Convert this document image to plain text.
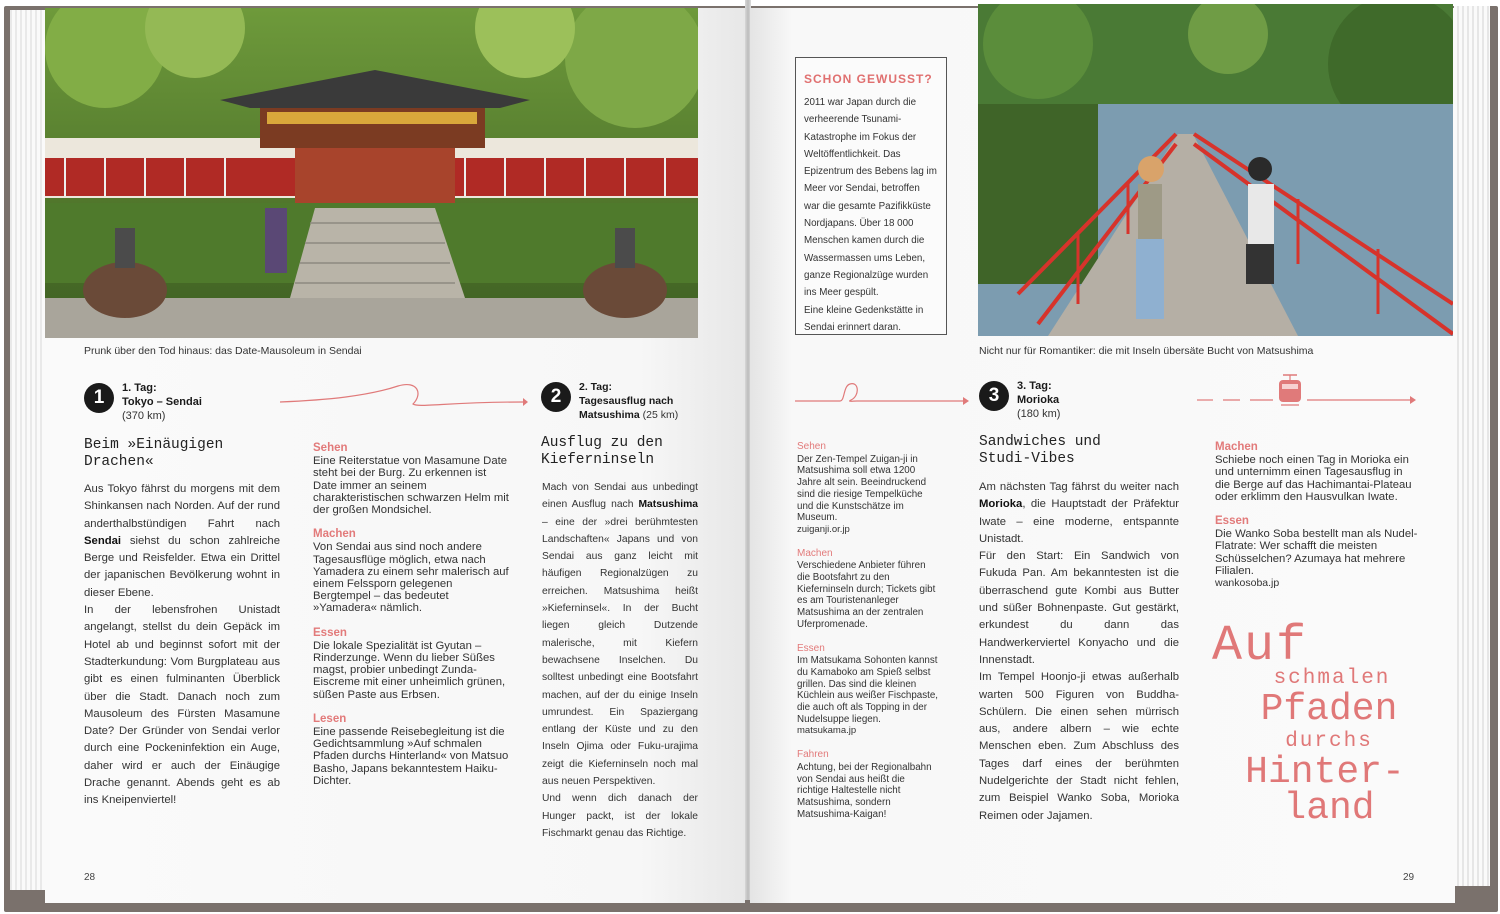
Prunk über den Tod hinaus: das Date-Mausoleum in Sendai
1	1. Tag:
Tokyo – Sendai
(370 km)
Beim »Einäugigen
Drachen«

Aus Tokyo fährst du morgens mit dem Shinkansen nach Norden. Auf der rund anderthalbstündigen Fahrt nach Sendai siehst du schon zahlreiche Berge und Reisfelder. Etwa ein Drittel der japanischen Bevölkerung wohnt in dieser Ebene.

In der lebensfrohen Unistadt angelangt, stellst du dein Gepäck im Hotel ab und beginnst sofort mit der Stadterkundung: Vom Burgplateau aus gibt es einen fulminanten Überblick über die Stadt. Danach noch zum Mausoleum des Fürsten Masamune Date? Der Gründer von Sendai verlor durch eine Pockeninfektion ein Auge, daher wird er auch der Einäugige Drache genannt. Abends geht es ab ins Kneipenviertel!

Sehen
Eine Reiterstatue von Masamune Date steht bei der Burg. Zu erkennen ist Date immer an seinem charakteristischen schwarzen Helm mit der großen Mondsichel.
Machen
Von Sendai aus sind noch andere Tagesausflüge möglich, etwa nach Yamadera zu einem sehr malerisch auf einem Felssporn gelegenen Bergtempel – das bedeutet »Yamadera« nämlich.
Essen
Die lokale Spezialität ist Gyutan – Rinderzunge. Wenn du lieber Süßes magst, probier unbedingt Zunda-Eiscreme mit einer unheimlich grünen, süßen Paste aus Erbsen.
Lesen
Eine passende Reisebegleitung ist die Gedichtsammlung »Auf schmalen Pfaden durchs Hinterland« von Matsuo Basho, Japans bekanntestem Haiku-Dichter.
2	2. Tag:
Tagesausflug nach Matsushima (25 km)
Ausflug zu den
Kieferninseln

Mach von Sendai aus unbedingt einen Ausflug nach Matsushima – eine der »drei berühmtesten Landschaften« Japans und von Sendai aus ganz leicht mit häufigen Regionalzügen zu erreichen. Matsushima heißt »Kieferninsel«. In der Bucht liegen gleich Dutzende malerische, mit Kiefern bewachsene Inselchen. Du solltest unbedingt eine Bootsfahrt machen, auf der du einige Inseln umrundest. Ein Spaziergang entlang der Küste und zu den Inseln Ojima oder Fuku-urajima zeigt die Kieferninseln noch mal aus neuen Perspektiven.

Und wenn dich danach der Hunger packt, ist der lokale Fischmarkt genau das Richtige.

28
SCHON GEWUSST?

2011 war Japan durch die verheerende Tsunami-Katastrophe im Fokus der Weltöffentlichkeit. Das Epizentrum des Bebens lag im Meer vor Sendai, betroffen war die gesamte Pazifikküste Nordjapans. Über 18 000 Menschen kamen durch die Wassermassen ums Leben, ganze Regionalzüge wurden ins Meer gespült.

Eine kleine Gedenkstätte in Sendai erinnert daran.

Nicht nur für Romantiker: die mit Inseln übersäte Bucht von Matsushima
Sehen
Der Zen-Tempel Zuigan-ji in Matsushima soll etwa 1200 Jahre alt sein. Beeindruckend sind die riesige Tempelküche und die Kunstschätze im Museum.
zuiganji.or.jp
Machen
Verschiedene Anbieter führen die Bootsfahrt zu den Kieferninseln durch; Tickets gibt es am Touristenanleger Matsushima an der zentralen Uferpromenade.
Essen
Im Matsukama Sohonten kannst du Kamaboko am Spieß selbst grillen. Das sind die kleinen Küchlein aus weißer Fischpaste, die auch oft als Topping in der Nudelsuppe liegen.
matsukama.jp
Fahren
Achtung, bei der Regionalbahn von Sendai aus heißt die richtige Haltestelle nicht Matsushima, sondern Matsushima-Kaigan!
3	3. Tag:
Morioka
(180 km)
Sandwiches und
Studi-Vibes

Am nächsten Tag fährst du weiter nach Morioka, die Hauptstadt der Präfektur Iwate – eine moderne, entspannte Unistadt.

Für den Start: Ein Sandwich von Fukuda Pan. Am bekanntesten ist die überraschend gute Kombi aus Butter und süßer Bohnenpaste. Gut gestärkt, erkundest du dann das Handwerkerviertel Konyacho und die Innenstadt.

Im Tempel Hoonjo-ji etwas außerhalb warten 500 Figuren von Buddha-Schülern. Die einen sehen mürrisch aus, andere albern – wie echte Menschen eben. Zum Abschluss des Tages darf eines der berühmten Nudelgerichte der Stadt nicht fehlen, zum Beispiel Wanko Soba, Morioka Reimen oder Jajamen.

Machen
Schiebe noch einen Tag in Morioka ein und unternimm einen Tagesausflug in die Berge auf das Hachimantai-Plateau oder erklimm den Hausvulkan Iwate.
Essen
Die Wanko Soba bestellt man als Nudel-Flatrate: Wer schafft die meisten Schüsselchen? Azumaya hat mehrere Filialen.
wankosoba.jp
Auf
schmalen
Pfaden
durchs
Hinter-
land
29
